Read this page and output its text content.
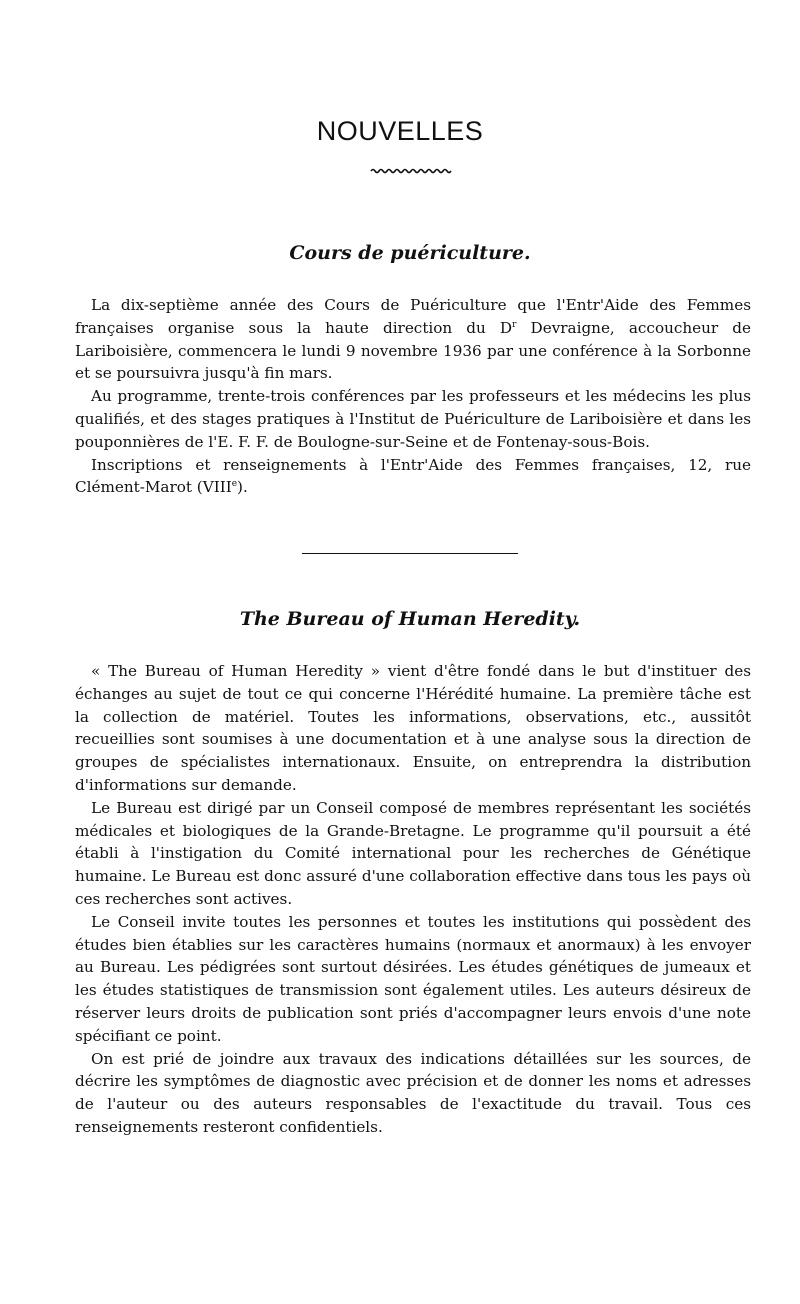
NOUVELLES
Cours de puériculture.

La dix-septième année des Cours de Puériculture que l'Entr'Aide des Femmes françaises organise sous la haute direction du $D^r$ Devraigne, accoucheur de Lariboisière, commencera le lundi 9 novembre 1936 par une conférence à la Sorbonne et se poursuivra jusqu'à fin mars.

Au programme, trente-trois conférences par les professeurs et les médecins les plus qualifiés, et des stages pratiques à l'Institut de Puériculture de Lariboisière et dans les pouponnières de l'E. F. F. de Boulogne-sur-Seine et de Fontenay-sous-Bois.

Inscriptions et renseignements à l'Entr'Aide des Femmes françaises, 12, rue Clément-Marot (VIIIe).

The Bureau of Human Heredity.

« The Bureau of Human Heredity » vient d'être fondé dans le but d'instituer des échanges au sujet de tout ce qui concerne l'Hérédité humaine. La première tâche est la collection de matériel. Toutes les informations, observations, etc., aussitôt recueillies sont soumises à une documentation et à une analyse sous la direction de groupes de spécialistes internationaux. Ensuite, on entreprendra la distribution d'informations sur demande.

Le Bureau est dirigé par un Conseil composé de membres représentant les sociétés médicales et biologiques de la Grande-Bretagne. Le programme qu'il poursuit a été établi à l'instigation du Comité international pour les recherches de Génétique humaine. Le Bureau est donc assuré d'une collaboration effective dans tous les pays où ces recherches sont actives.

Le Conseil invite toutes les personnes et toutes les institutions qui possèdent des études bien établies sur les caractères humains (normaux et anormaux) à les envoyer au Bureau. Les pédigrées sont surtout désirées. Les études génétiques de jumeaux et les études statistiques de transmission sont également utiles. Les auteurs désireux de réserver leurs droits de publication sont priés d'accompagner leurs envois d'une note spécifiant ce point.

On est prié de joindre aux travaux des indications détaillées sur les sources, de décrire les symptômes de diagnostic avec précision et de donner les noms et adresses de l'auteur ou des auteurs responsables de l'exactitude du travail. Tous ces renseignements resteront confidentiels.
